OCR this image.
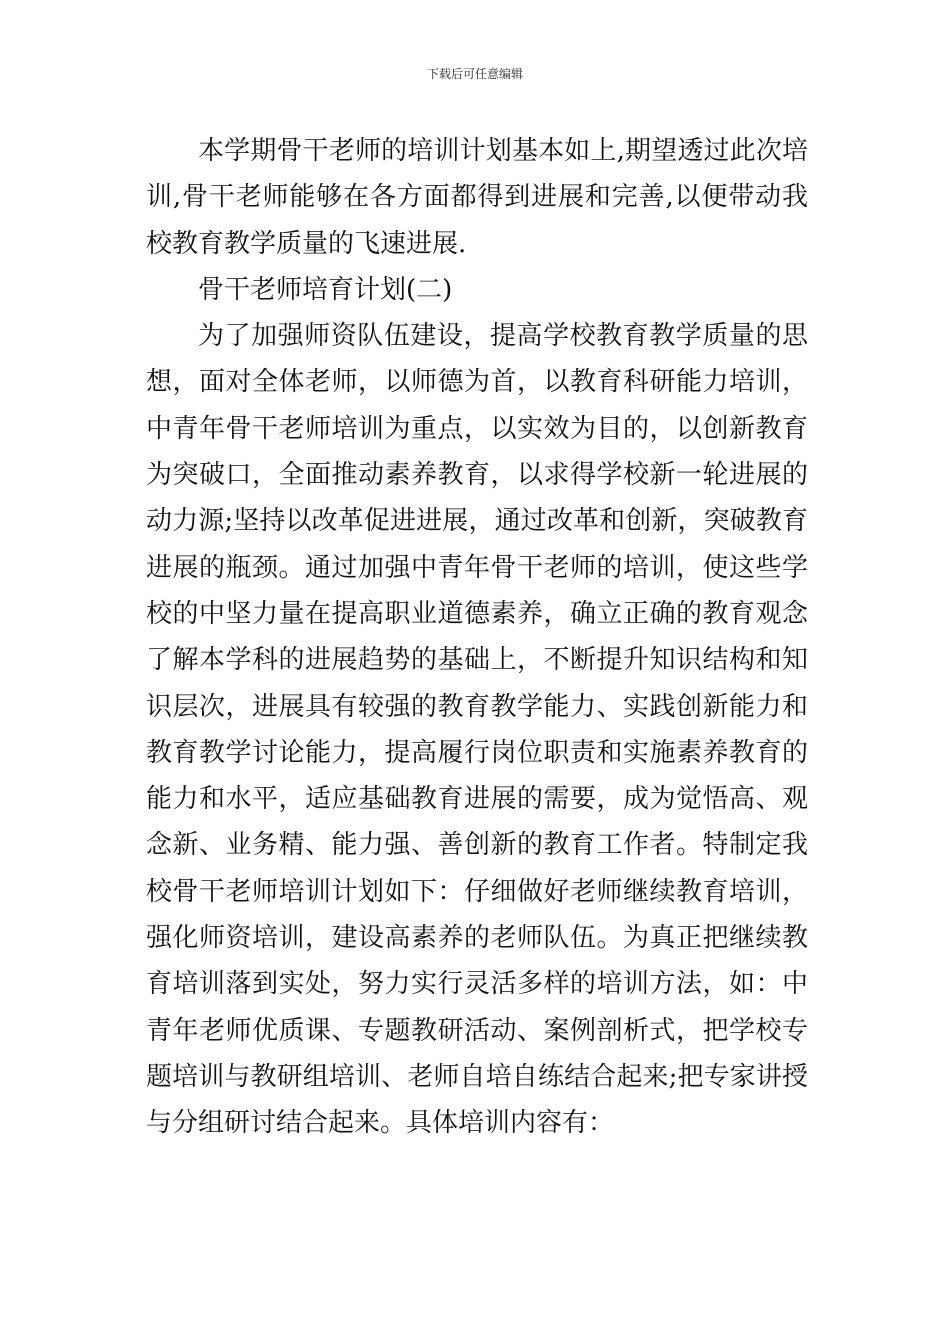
下载后可任意编辑
本学期骨干老师的培训计划基本如上,期望透过此次培
训,骨干老师能够在各方面都得到进展和完善,以便带动我
校教育教学质量的飞速进展.
骨干老师培育计划(二)
为了加强师资队伍建设，提高学校教育教学质量的思
想，面对全体老师，以师德为首，以教育科研能力培训，
中青年骨干老师培训为重点，以实效为目的，以创新教育
为突破口，全面推动素养教育，以求得学校新一轮进展的
动力源;坚持以改革促进进展，通过改革和创新，突破教育
进展的瓶颈。通过加强中青年骨干老师的培训，使这些学
校的中坚力量在提高职业道德素养，确立正确的教育观念
了解本学科的进展趋势的基础上，不断提升知识结构和知
识层次，进展具有较强的教育教学能力、实践创新能力和
教育教学讨论能力，提高履行岗位职责和实施素养教育的
能力和水平，适应基础教育进展的需要，成为觉悟高、观
念新、业务精、能力强、善创新的教育工作者。特制定我
校骨干老师培训计划如下：仔细做好老师继续教育培训，
强化师资培训，建设高素养的老师队伍。为真正把继续教
育培训落到实处，努力实行灵活多样的培训方法，如：中
青年老师优质课、专题教研活动、案例剖析式，把学校专
题培训与教研组培训、老师自培自练结合起来;把专家讲授
与分组研讨结合起来。具体培训内容有：
